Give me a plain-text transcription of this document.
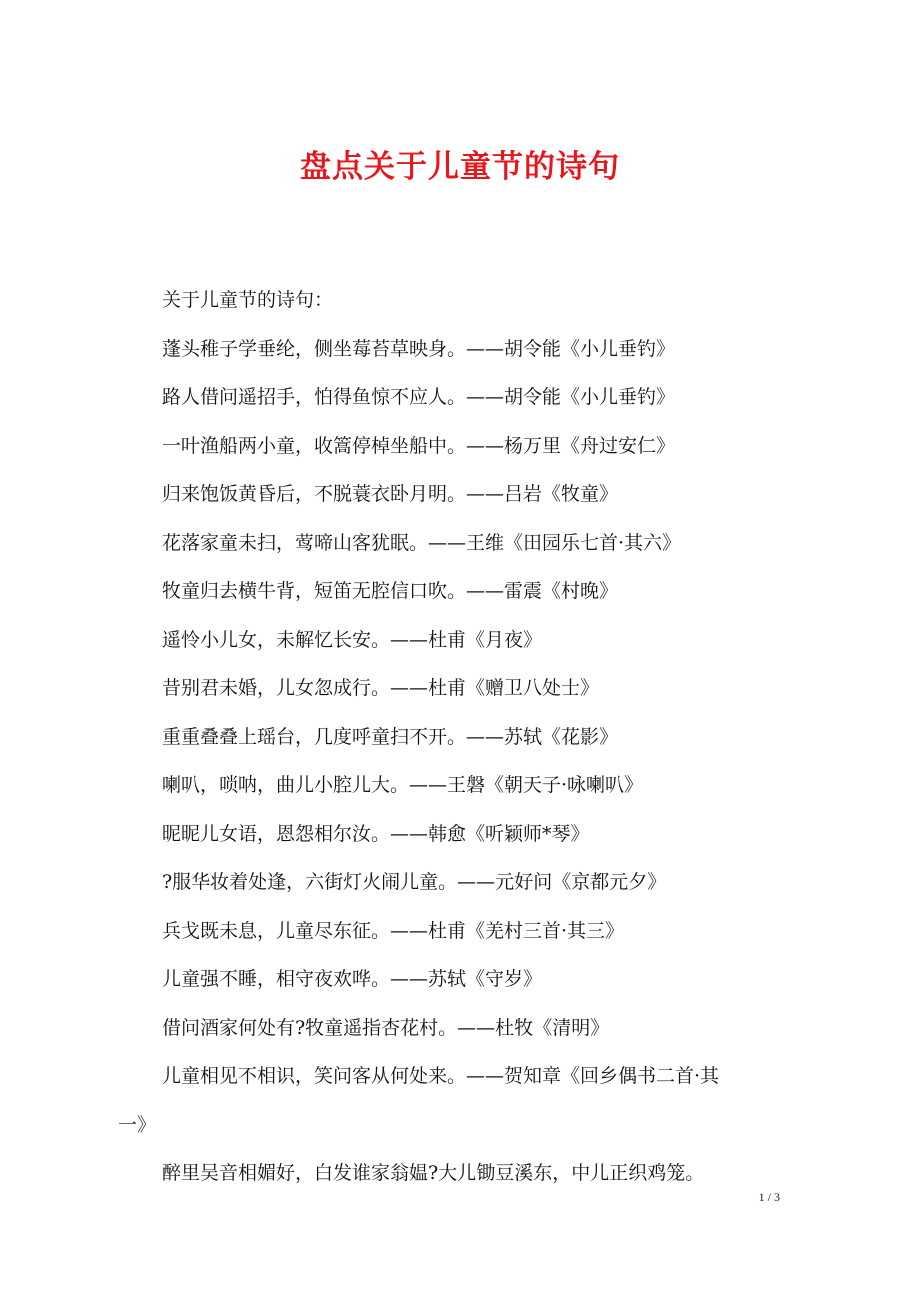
盘点关于儿童节的诗句

关于儿童节的诗句：

蓬头稚子学垂纶，侧坐莓苔草映身。——胡令能《小儿垂钓》

路人借问遥招手，怕得鱼惊不应人。——胡令能《小儿垂钓》

一叶渔船两小童，收篙停棹坐船中。——杨万里《舟过安仁》

归来饱饭黄昏后，不脱蓑衣卧月明。——吕岩《牧童》

花落家童未扫，莺啼山客犹眠。——王维《田园乐七首·其六》

牧童归去横牛背，短笛无腔信口吹。——雷震《村晚》

遥怜小儿女，未解忆长安。——杜甫《月夜》

昔别君未婚，儿女忽成行。——杜甫《赠卫八处士》

重重叠叠上瑶台，几度呼童扫不开。——苏轼《花影》

喇叭，唢呐，曲儿小腔儿大。——王磐《朝天子·咏喇叭》

昵昵儿女语，恩怨相尔汝。——韩愈《听颖师*琴》

?服华妆着处逢，六街灯火闹儿童。——元好问《京都元夕》

兵戈既未息，儿童尽东征。——杜甫《羌村三首·其三》

儿童强不睡，相守夜欢哗。——苏轼《守岁》

借问酒家何处有?牧童遥指杏花村。——杜牧《清明》

儿童相见不相识，笑问客从何处来。——贺知章《回乡偶书二首·其

一》

醉里吴音相媚好，白发谁家翁媪?大儿锄豆溪东，中儿正织鸡笼。

1 / 3
